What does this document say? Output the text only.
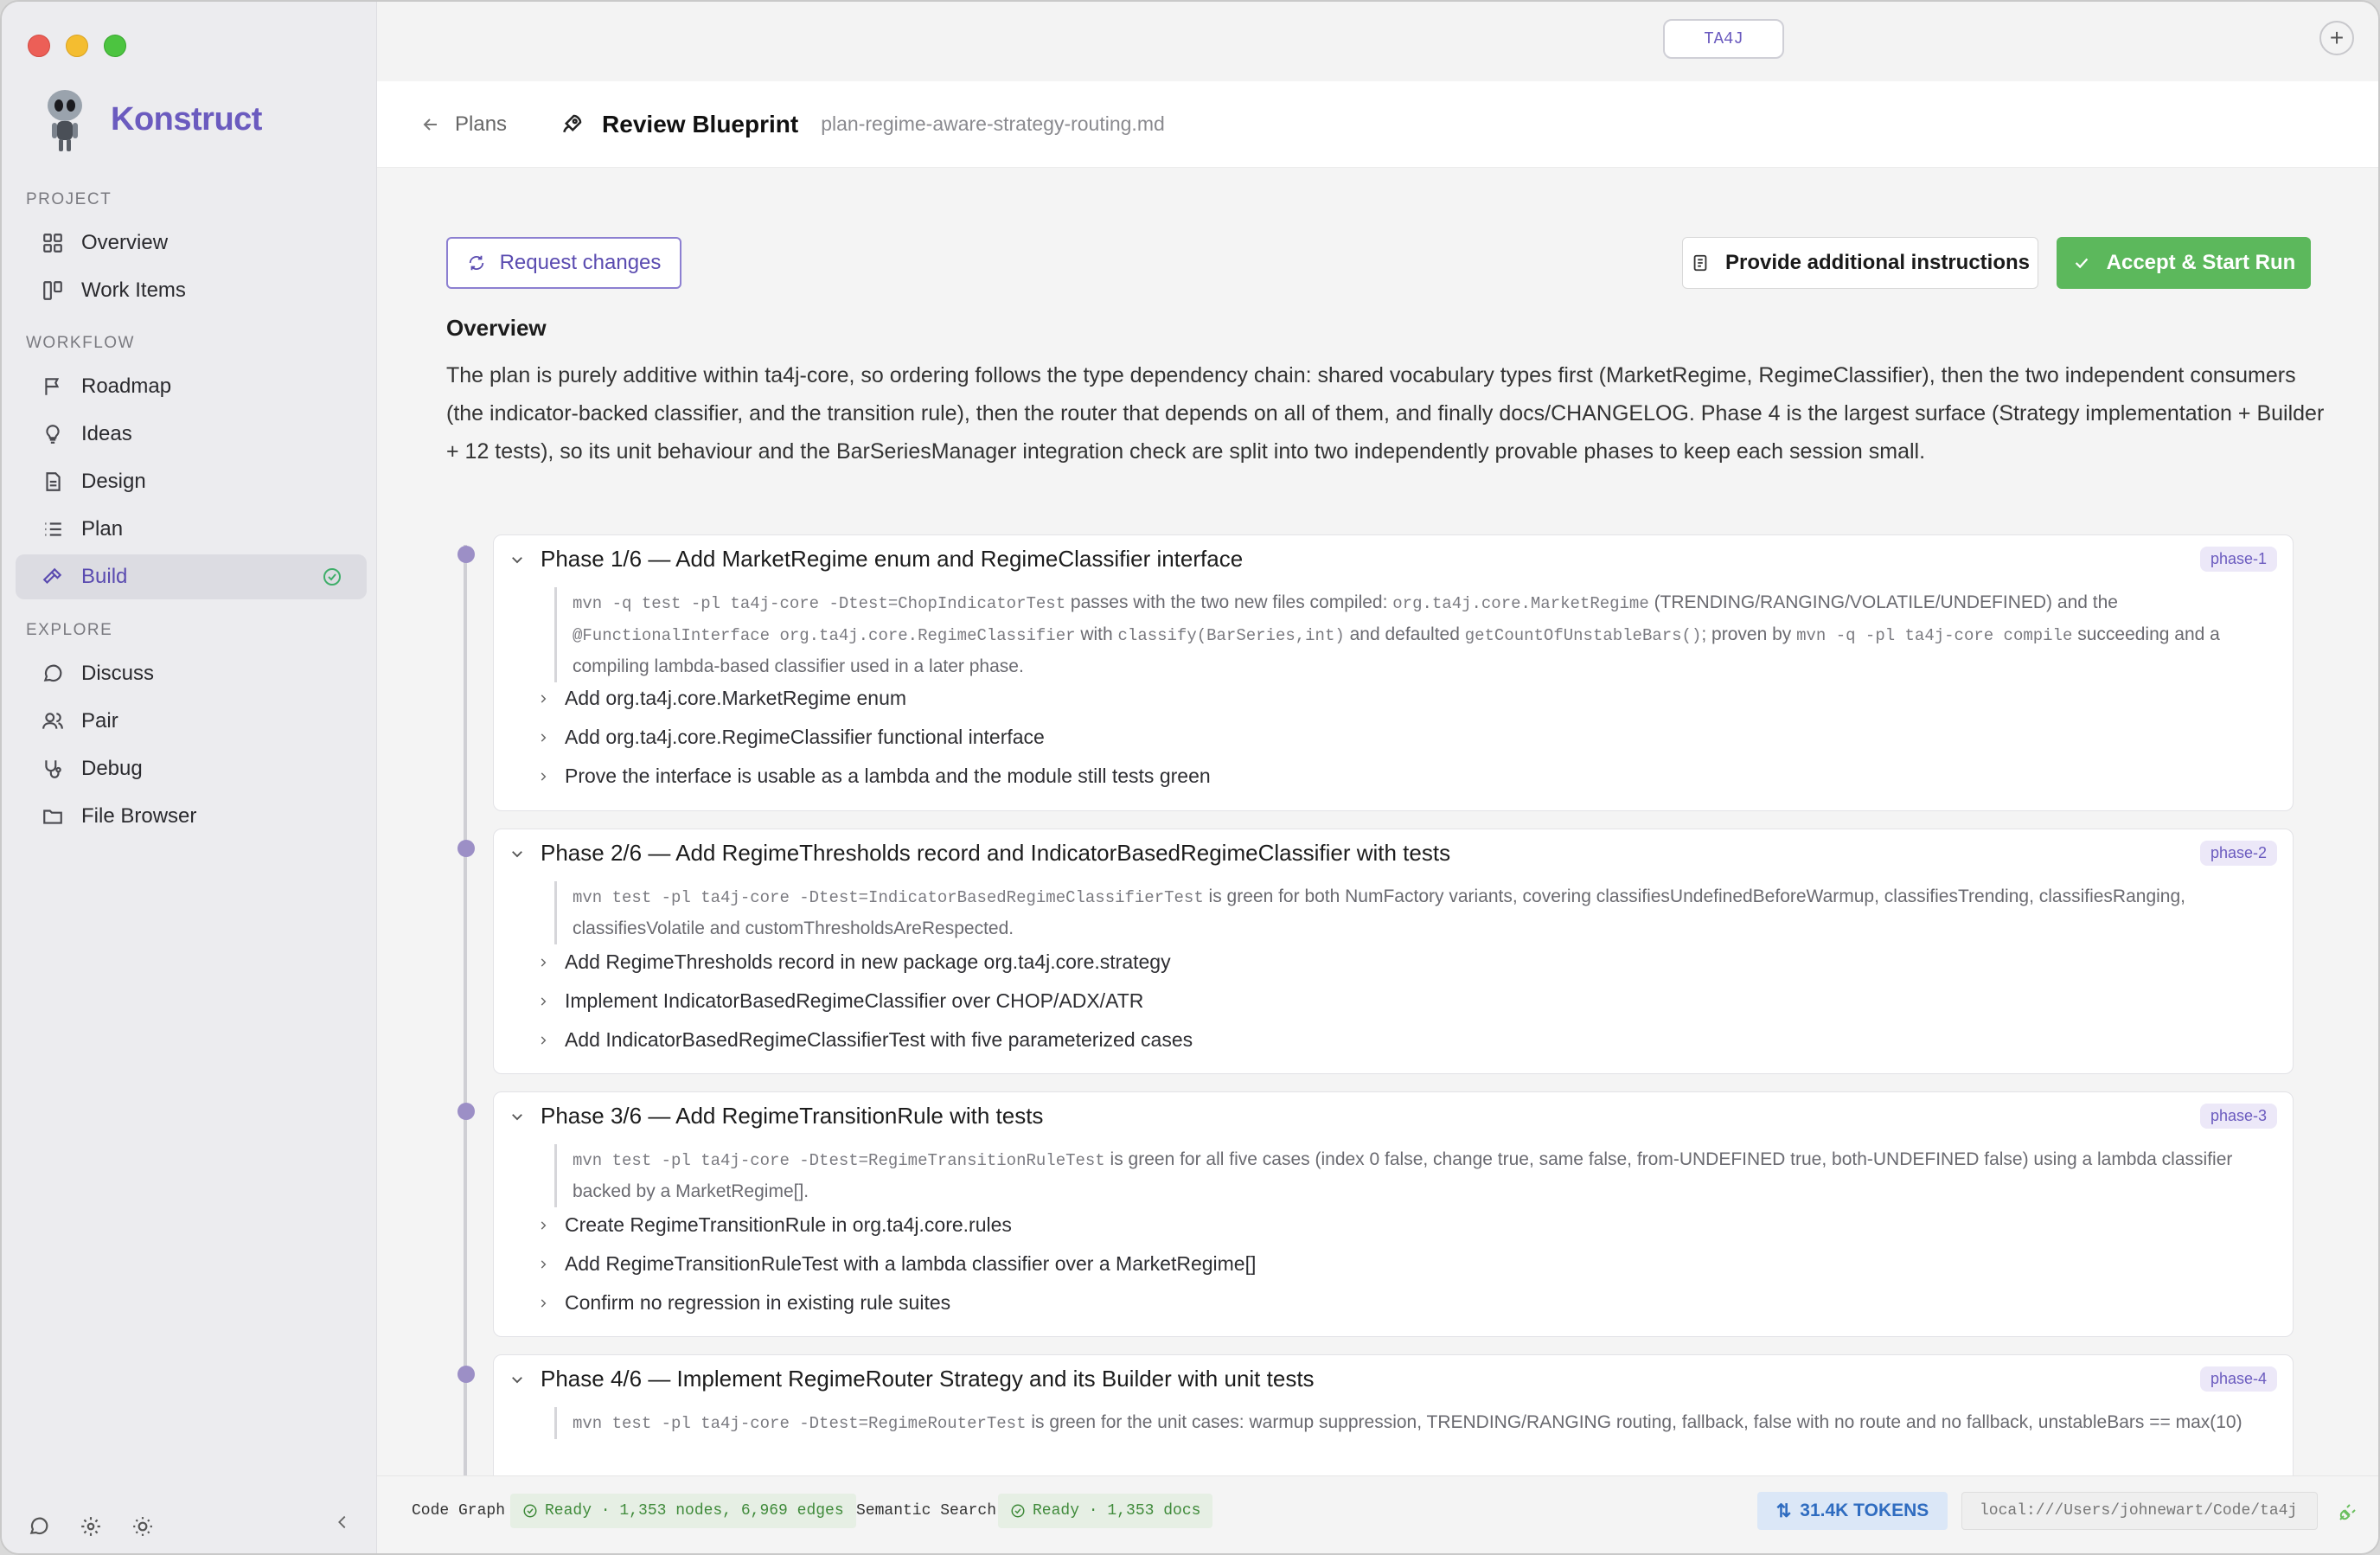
Konstruct
PROJECT
Overview
Work Items
WORKFLOW
Roadmap
Ideas
Design
Plan
Build
EXPLORE
Discuss
Pair
Debug
File Browser
TA4J	+
Plans	Review Blueprint plan-regime-aware-strategy-routing.md
Request changes	Provide additional instructions	Accept & Start Run
Overview
The plan is purely additive within ta4j-core, so ordering follows the type dependency chain: shared vocabulary types first (MarketRegime, RegimeClassifier), then the two independent consumers (the indicator-backed classifier, and the transition rule), then the router that depends on all of them, and finally docs/CHANGELOG. Phase 4 is the largest surface (Strategy implementation + Builder + 12 tests), so its unit behaviour and the BarSeriesManager integration check are split into two independently provable phases to keep each session small.
Phase 1/6 — Add MarketRegime enum and RegimeClassifier interface	phase-1
mvn -q test -pl ta4j-core -Dtest=ChopIndicatorTest passes with the two new files compiled: org.ta4j.core.MarketRegime (TRENDING/RANGING/VOLATILE/UNDEFINED) and the @FunctionalInterface org.ta4j.core.RegimeClassifier with classify(BarSeries,int) and defaulted getCountOfUnstableBars(); proven by mvn -q -pl ta4j-core compile succeeding and a compiling lambda-based classifier used in a later phase.
Add org.ta4j.core.MarketRegime enum
Add org.ta4j.core.RegimeClassifier functional interface
Prove the interface is usable as a lambda and the module still tests green
Phase 2/6 — Add RegimeThresholds record and IndicatorBasedRegimeClassifier with tests	phase-2
mvn test -pl ta4j-core -Dtest=IndicatorBasedRegimeClassifierTest is green for both NumFactory variants, covering classifiesUndefinedBeforeWarmup, classifiesTrending, classifiesRanging, classifiesVolatile and customThresholdsAreRespected.
Add RegimeThresholds record in new package org.ta4j.core.strategy
Implement IndicatorBasedRegimeClassifier over CHOP/ADX/ATR
Add IndicatorBasedRegimeClassifierTest with five parameterized cases
Phase 3/6 — Add RegimeTransitionRule with tests	phase-3
mvn test -pl ta4j-core -Dtest=RegimeTransitionRuleTest is green for all five cases (index 0 false, change true, same false, from-UNDEFINED true, both-UNDEFINED false) using a lambda classifier backed by a MarketRegime[].
Create RegimeTransitionRule in org.ta4j.core.rules
Add RegimeTransitionRuleTest with a lambda classifier over a MarketRegime[]
Confirm no regression in existing rule suites
Phase 4/6 — Implement RegimeRouter Strategy and its Builder with unit tests	phase-4
mvn test -pl ta4j-core -Dtest=RegimeRouterTest is green for the unit cases: warmup suppression, TRENDING/RANGING routing, fallback, false with no route and no fallback, unstableBars == max(10)
Code Graph	Ready · 1,353 nodes, 6,969 edges Semantic Search Ready · 1,353 docs	⇅ 31.4K TOKENS	local:///Users/johnewart/Code/ta4j
